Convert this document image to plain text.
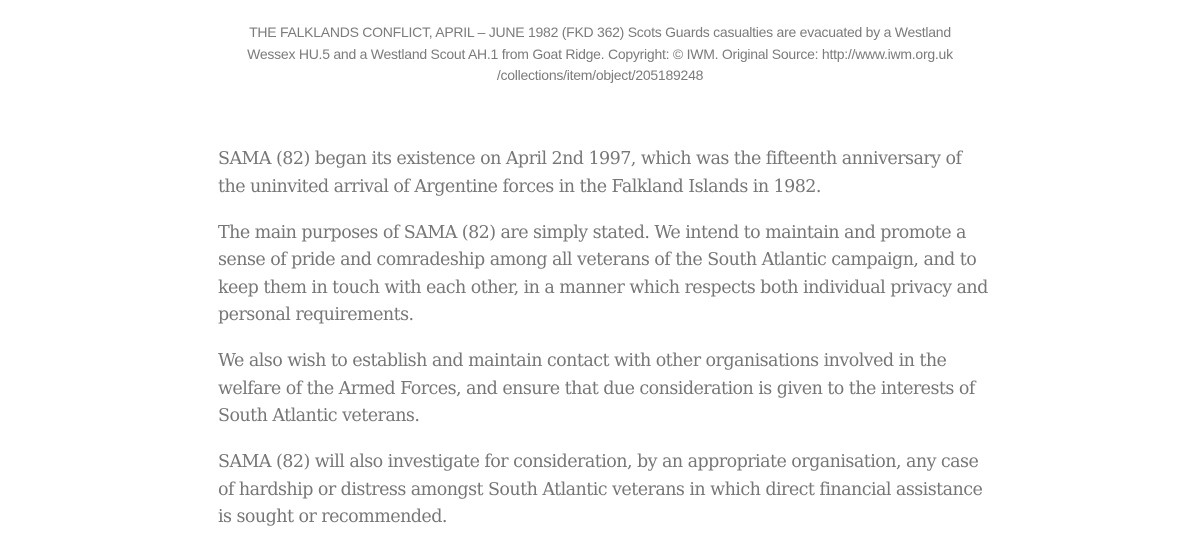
THE FALKLANDS CONFLICT, APRIL – JUNE 1982 (FKD 362) Scots Guards casualties are evacuated by a Westland
Wessex HU.5 and a Westland Scout AH.1 from Goat Ridge. Copyright: © IWM. Original Source: http://www.iwm.org.uk
/collections/item/object/205189248

SAMA (82) began its existence on April 2nd 1997, which was the fifteenth anniversary of the uninvited arrival of Argentine forces in the Falkland Islands in 1982.

The main purposes of SAMA (82) are simply stated. We intend to maintain and promote a sense of pride and comradeship among all veterans of the South Atlantic campaign, and to keep them in touch with each other, in a manner which respects both individual privacy and personal requirements.

We also wish to establish and maintain contact with other organisations involved in the welfare of the Armed Forces, and ensure that due consideration is given to the interests of South Atlantic veterans.

SAMA (82) will also investigate for consideration, by an appropriate organisation, any case of hardship or distress amongst South Atlantic veterans in which direct financial assistance is sought or recommended.
